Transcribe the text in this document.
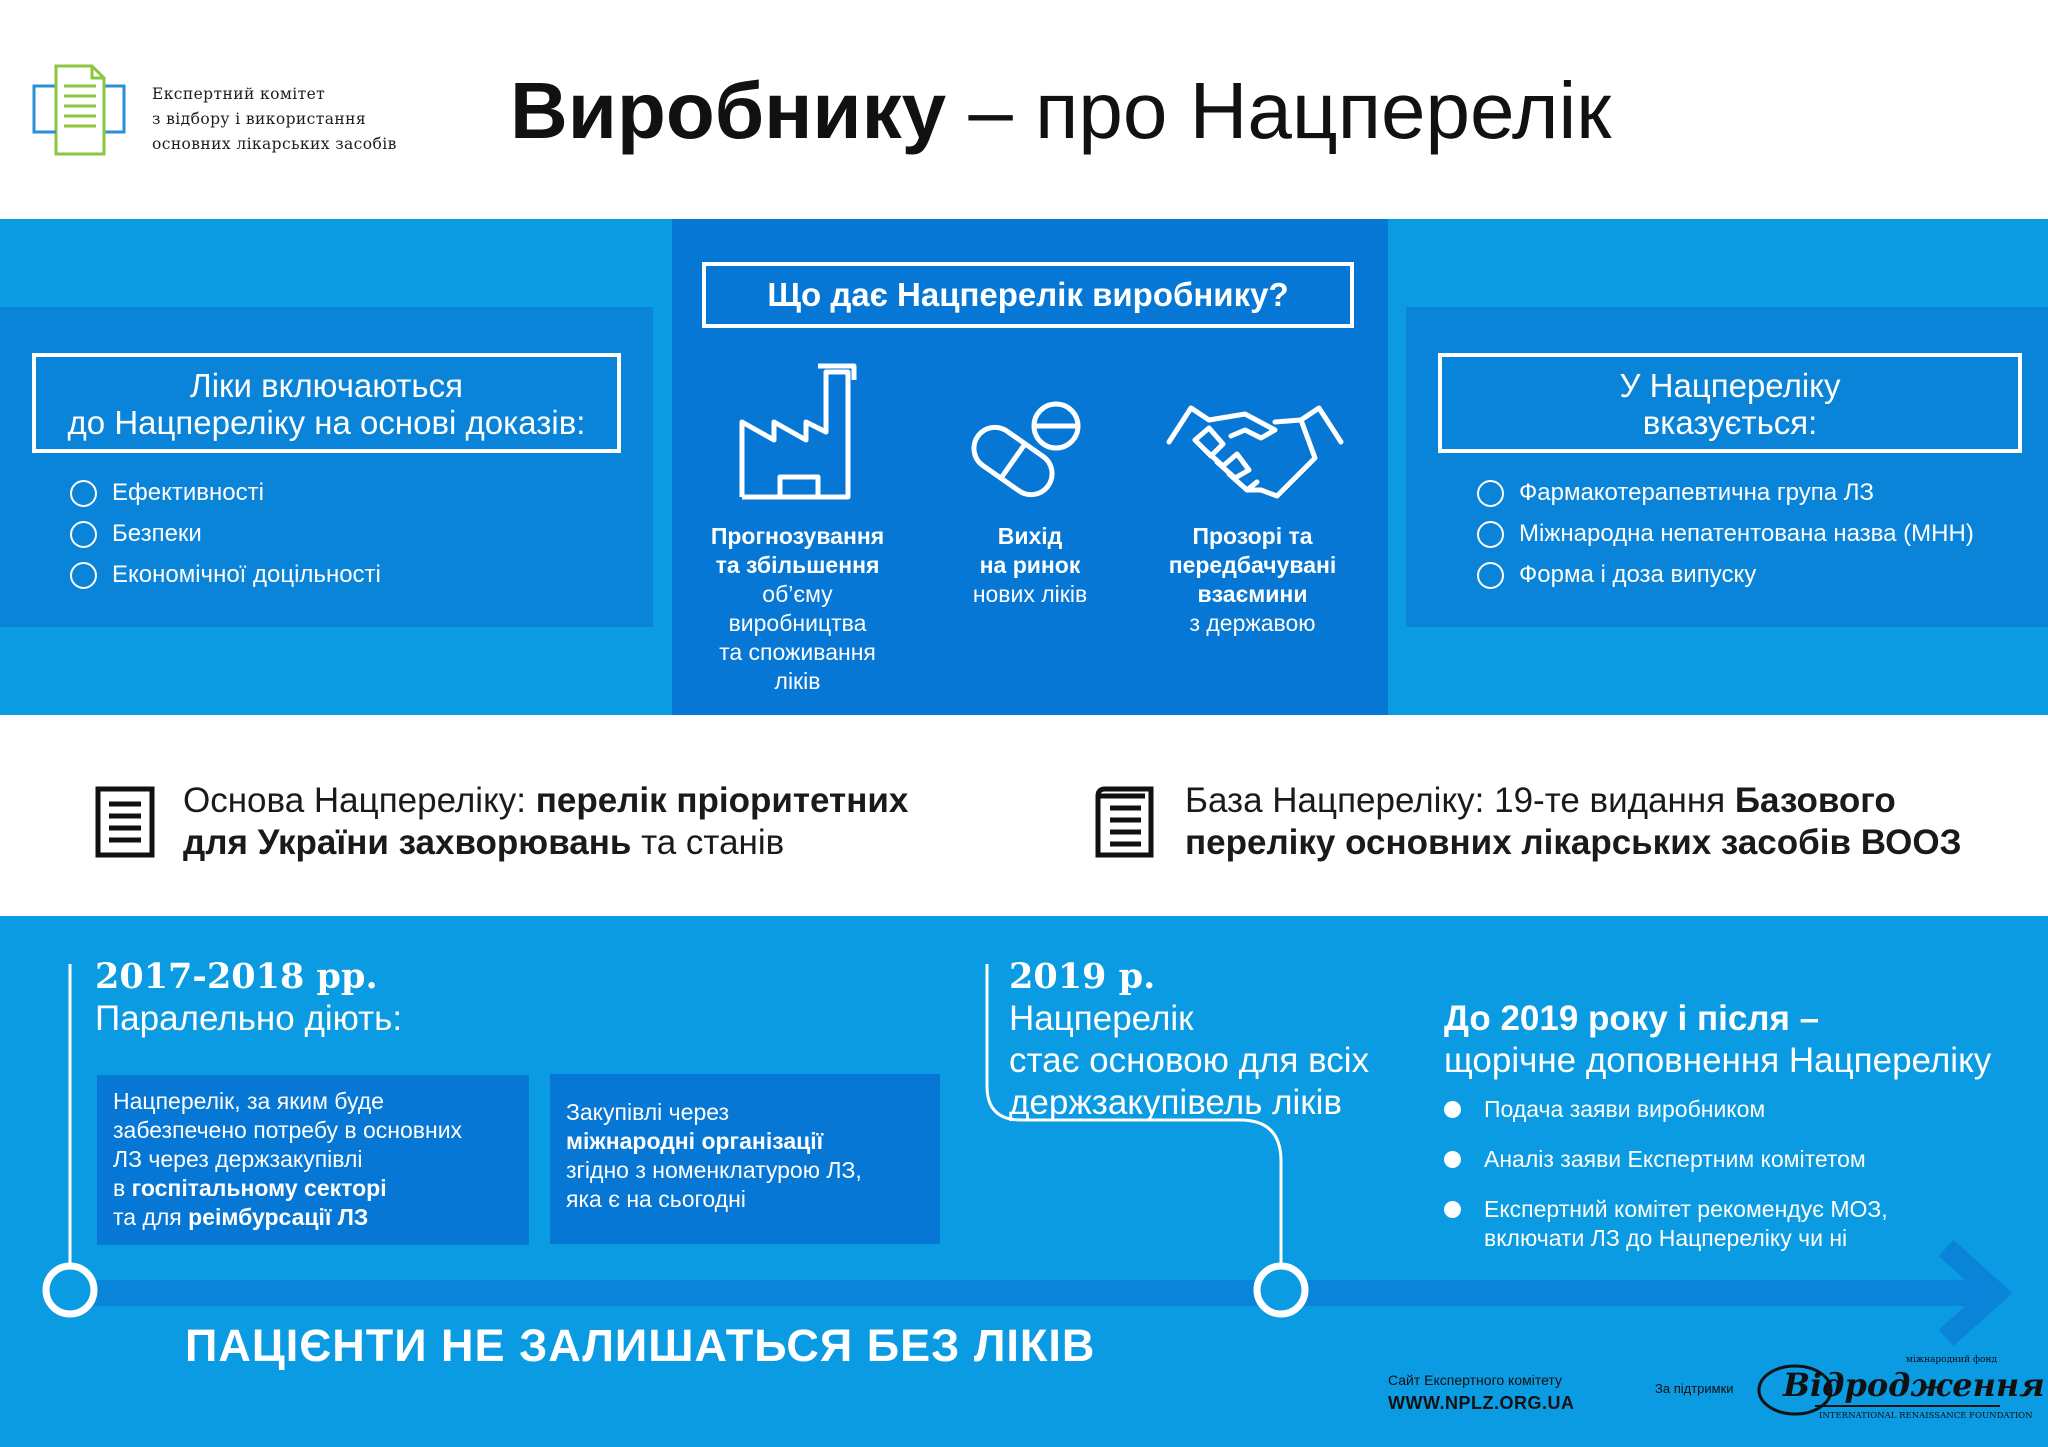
Експертний комітет
з відбору і використання
основних лікарських засобів	Виробнику – про Нацперелік
Ліки включаються
до Нацпереліку на основі доказів:
Ефективності
Безпеки
Економічної доцільності
У Нацпереліку
вказується:
Фармакотерапевтична група ЛЗ
Міжнародна непатентована назва (МНН)
Форма і доза випуску
Що дає Нацперелік виробнику?
Прогнозування
та збільшення
об’єму
виробництва
та споживання
ліків
Вихід
на ринок
нових ліків
Прозорі та
передбачувані
взаємини
з державою
Основа Нацпереліку: перелік пріоритетних
для України захворювань та станів
База Нацпереліку: 19-те видання Базового
переліку основних лікарських засобів ВООЗ
2017-2018 рр.
Паралельно діють:
Нацперелік, за яким буде
забезпечено потребу в основних
ЛЗ через держзакупівлі
в госпітальному секторі
та для реімбурсації ЛЗ
Закупівлі через
міжнародні організації
згідно з номенклатурою ЛЗ,
яка є на сьогодні
2019 р.
Нацперелік
стає основою для всіх
держзакупівель ліків
До 2019 року і після –
щорічне доповнення Нацпереліку
Подача заяви виробником
Аналіз заяви Експертним комітетом
Експертний комітет рекомендує МОЗ,
включати ЛЗ до Нацпереліку чи ні
ПАЦІЄНТИ НЕ ЗАЛИШАТЬСЯ БЕЗ ЛІКІВ
Сайт Експертного комітету
WWW.NPLZ.ORG.UA
За підтримки
міжнародний фонд
Відродження
INTERNATIONAL RENAISSANCE FOUNDATION
